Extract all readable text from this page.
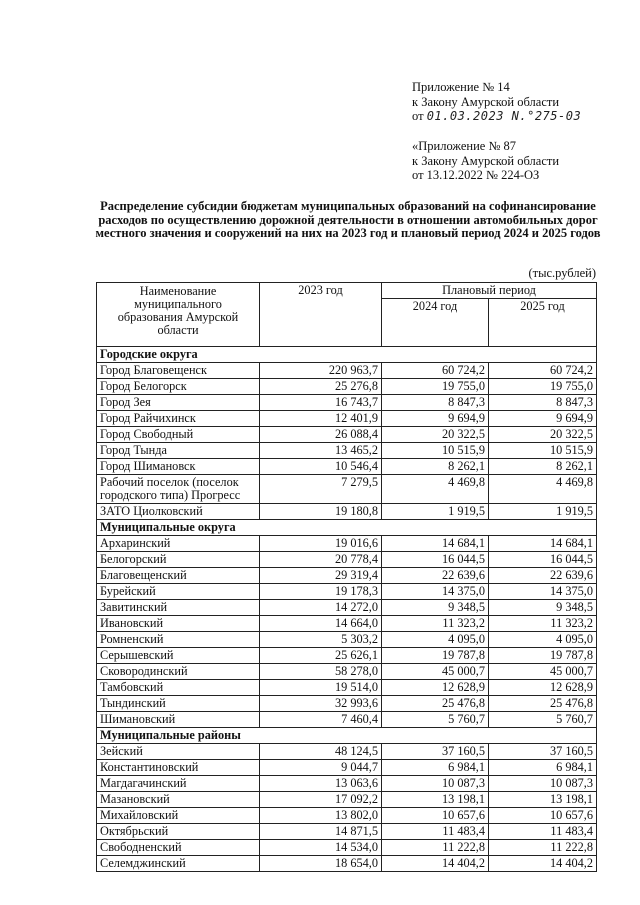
Приложение № 14
к Закону Амурской области
от 01.03.2023 N.°275-03
«Приложение № 87
к Закону Амурской области
от 13.12.2022 № 224-ОЗ
Распределение субсидии бюджетам муниципальных образований на софинансирование расходов по осуществлению дорожной деятельности в отношении автомобильных дорог местного значения и сооружений на них на 2023 год и плановый период 2024 и 2025 годов
(тыс.рублей)
Наименование муниципального образования Амурской области	2023 год	Плановый период	
		2024 год	2025 год
Городские округа			
Город Благовещенск	220 963,7	60 724,2	60 724,2
Город Белогорск	25 276,8	19 755,0	19 755,0
Город Зея	16 743,7	8 847,3	8 847,3
Город Райчихинск	12 401,9	9 694,9	9 694,9
Город Свободный	26 088,4	20 322,5	20 322,5
Город Тында	13 465,2	10 515,9	10 515,9
Город Шимановск	10 546,4	8 262,1	8 262,1
Рабочий поселок (поселок городского типа) Прогресс	7 279,5	4 469,8	4 469,8
ЗАТО Циолковский	19 180,8	1 919,5	1 919,5
Муниципальные округа			
Архаринский	19 016,6	14 684,1	14 684,1
Белогорский	20 778,4	16 044,5	16 044,5
Благовещенский	29 319,4	22 639,6	22 639,6
Бурейский	19 178,3	14 375,0	14 375,0
Завитинский	14 272,0	9 348,5	9 348,5
Ивановский	14 664,0	11 323,2	11 323,2
Ромненский	5 303,2	4 095,0	4 095,0
Серышевский	25 626,1	19 787,8	19 787,8
Сковородинский	58 278,0	45 000,7	45 000,7
Тамбовский	19 514,0	12 628,9	12 628,9
Тындинский	32 993,6	25 476,8	25 476,8
Шимановский	7 460,4	5 760,7	5 760,7
Муниципальные районы			
Зейский	48 124,5	37 160,5	37 160,5
Константиновский	9 044,7	6 984,1	6 984,1
Магдагачинский	13 063,6	10 087,3	10 087,3
Мазановский	17 092,2	13 198,1	13 198,1
Михайловский	13 802,0	10 657,6	10 657,6
Октябрьский	14 871,5	11 483,4	11 483,4
Свободненский	14 534,0	11 222,8	11 222,8
Селемджинский	18 654,0	14 404,2	14 404,2
